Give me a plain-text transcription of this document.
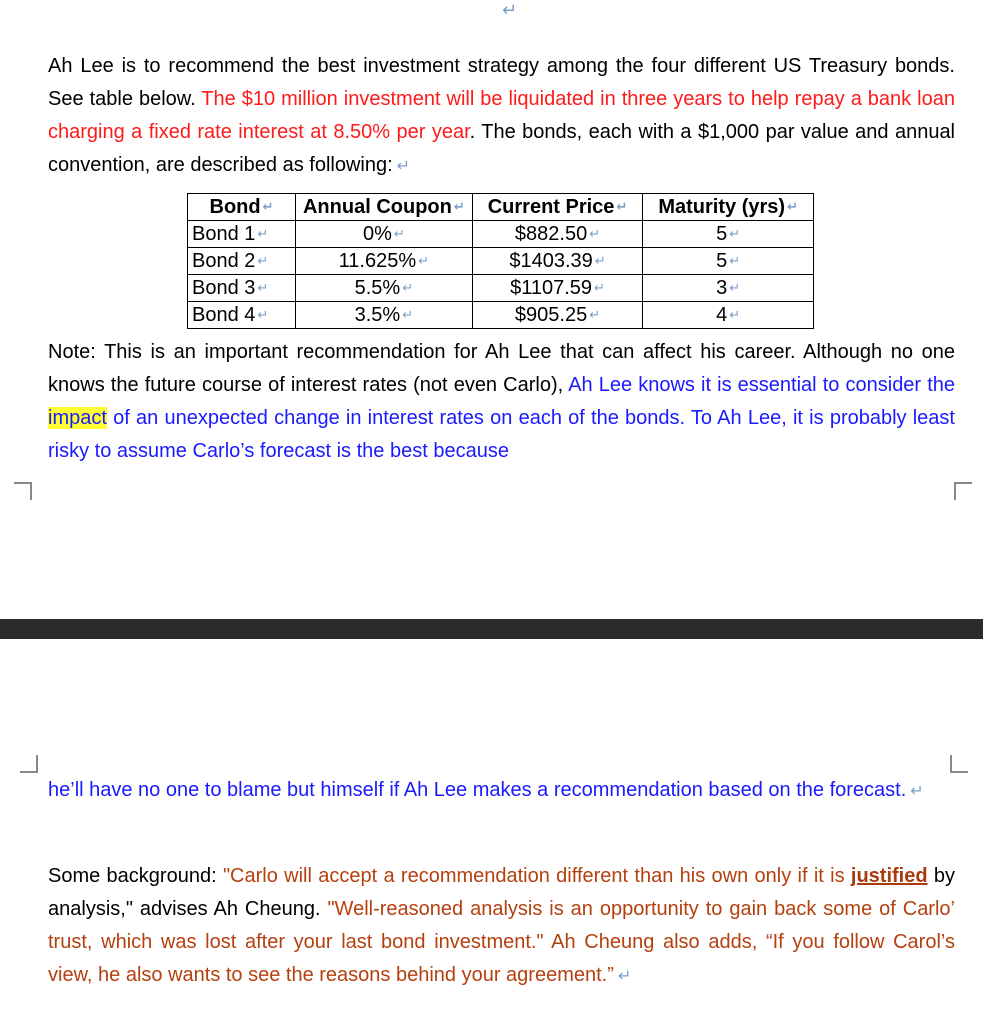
↵
Ah Lee is to recommend the best investment strategy among the four different US Treasury bonds. See table below. The $10 million investment will be liquidated in three years to help repay a bank loan charging a fixed rate interest at 8.50% per year. The bonds, each with a $1,000 par value and annual convention, are described as following: ↵
Bond ↵	Annual Coupon ↵	Current Price ↵	Maturity (yrs) ↵
Bond 1 ↵	0% ↵	$882.50 ↵	5 ↵
Bond 2 ↵	11.625% ↵	$1403.39 ↵	5 ↵
Bond 3 ↵	5.5% ↵	$1107.59 ↵	3 ↵
Bond 4 ↵	3.5% ↵	$905.25 ↵	4 ↵
Note: This is an important recommendation for Ah Lee that can affect his career. Although no one knows the future course of interest rates (not even Carlo), Ah Lee knows it is essential to consider the impact of an unexpected change in interest rates on each of the bonds. To Ah Lee, it is probably least risky to assume Carlo’s forecast is the best because
he’ll have no one to blame but himself if Ah Lee makes a recommendation based on the forecast. ↵
Some background: "Carlo will accept a recommendation different than his own only if it is justified by analysis," advises Ah Cheung. "Well-reasoned analysis is an opportunity to gain back some of Carlo’ trust, which was lost after your last bond investment." Ah Cheung also adds, “If you follow Carol’s view, he also wants to see the reasons behind your agreement.” ↵
